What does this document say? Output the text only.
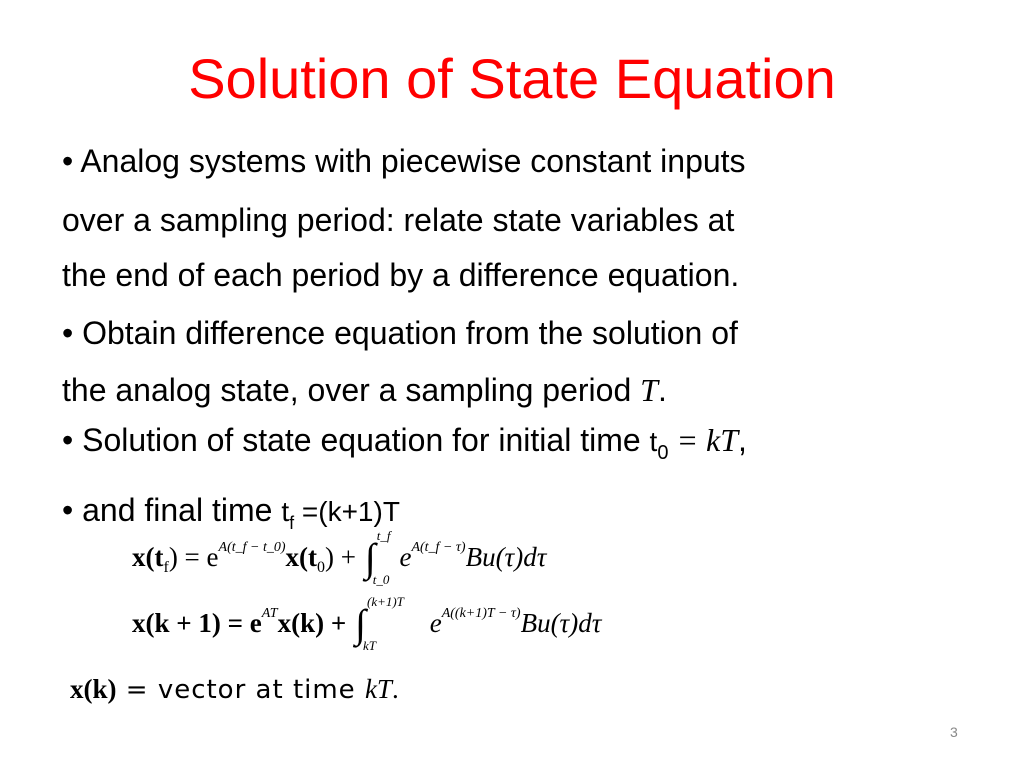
Solution of State Equation
• Analog systems with piecewise constant inputs
over a sampling period: relate state variables at
the end of each period by a difference equation.
• Obtain difference equation from the solution of
the analog state, over a sampling period T.
• Solution of state equation for initial time $t_0$ = kT,
• and final time $t_f =(k+1)T$
$x(t_f) = e^{A(t\_f - t\_0)}x(t_0)$ + ∫ t_f
t_0
$e^{A(t\_f - \tau)}Bu(\tau)d\tau$
$x(k + 1) = e^{AT}x(k)$ + ∫ (k+1)T
kT
$e^{A((k+1)T - \tau)}Bu(\tau)d\tau$
x(k) = vector at time kT.
3
